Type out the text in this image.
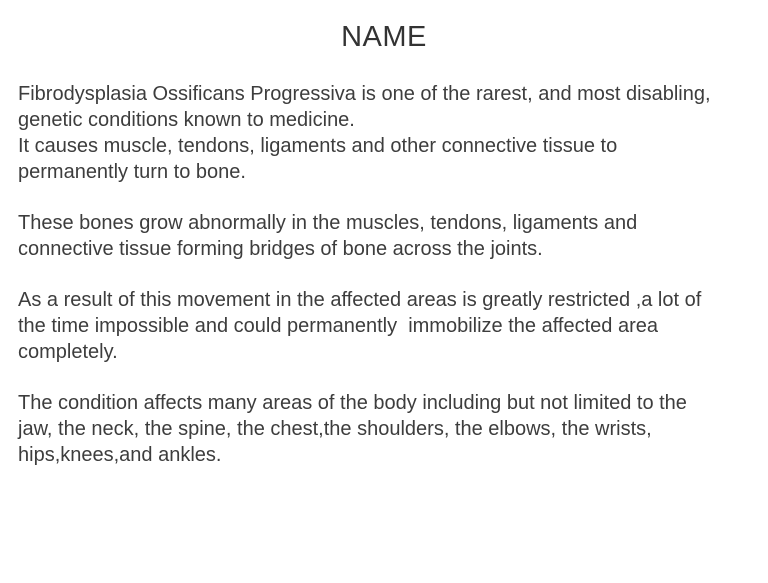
NAME
Fibrodysplasia Ossificans Progressiva is one of the rarest, and most disabling,
genetic conditions known to medicine.
It causes muscle, tendons, ligaments and other connective tissue to
permanently turn to bone.
These bones grow abnormally in the muscles, tendons, ligaments and
connective tissue forming bridges of bone across the joints.
As a result of this movement in the affected areas is greatly restricted ,a lot of
the time impossible and could permanently  immobilize the affected area
completely.
The condition affects many areas of the body including but not limited to the
jaw, the neck, the spine, the chest,the shoulders, the elbows, the wrists,
hips,knees,and ankles.
